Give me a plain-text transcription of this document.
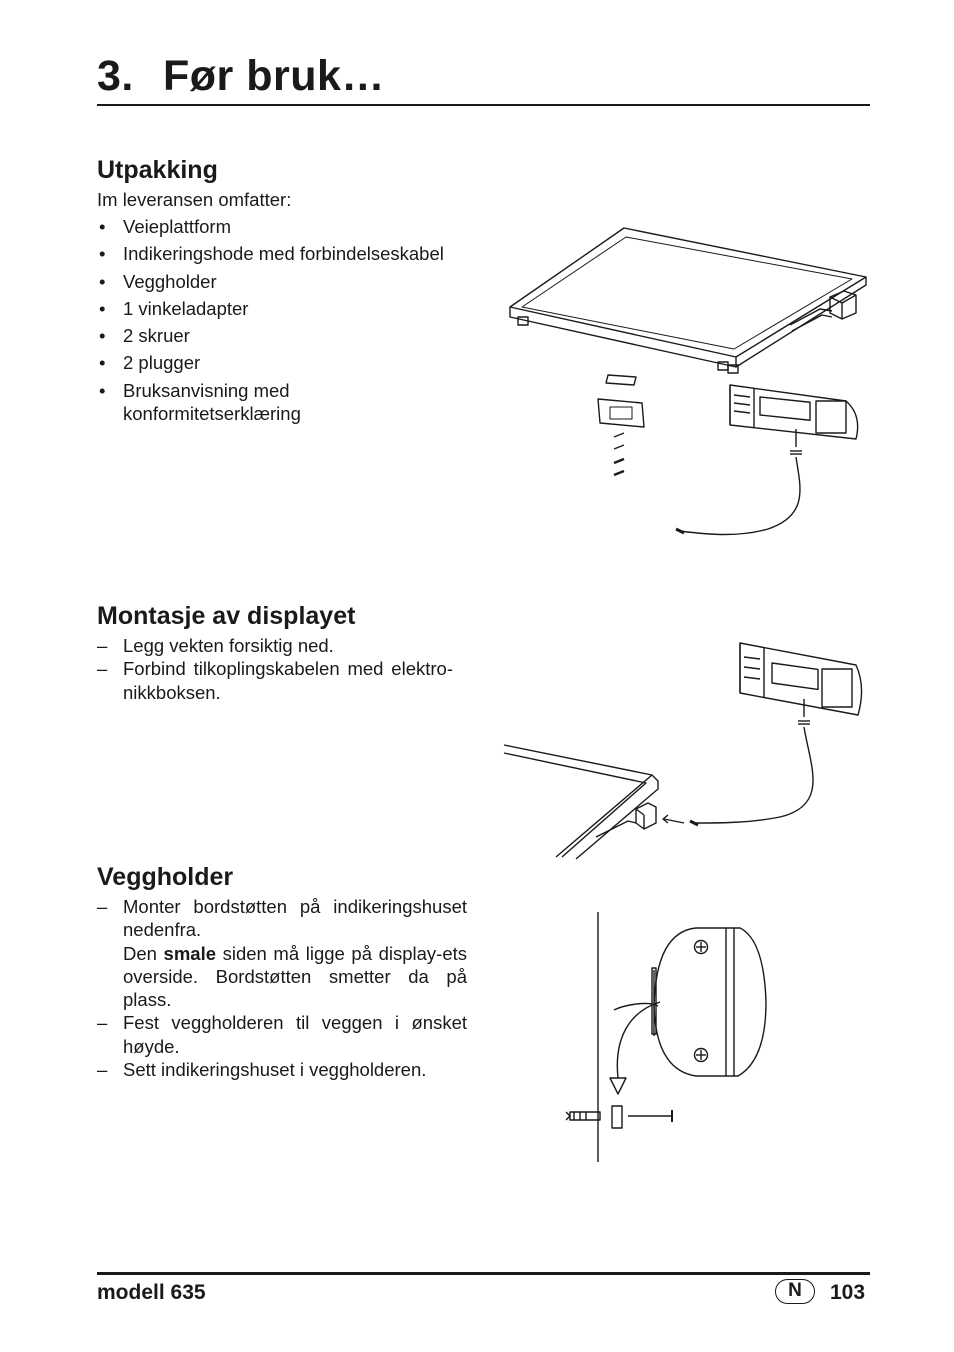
3. Før bruk…
Utpakking
Im leveransen omfatter:
• Veieplattform
• Indikeringshode med forbindelseskabel
• Veggholder
• 1 vinkeladapter
• 2 skruer
• 2 plugger
• Bruksanvisning med konformitetserklæring
Montasje av displayet
– Legg vekten forsiktig ned.
– Forbind tilkoplingskabelen med elektro-nikkboksen.
Veggholder
– Monter bordstøtten på indikeringshuset nedenfra.
Den smale siden må ligge på display-ets overside. Bordstøtten smetter da på plass.
– Fest veggholderen til veggen i ønsket høyde.
– Sett indikeringshuset i veggholderen.
modell 635	N	103
